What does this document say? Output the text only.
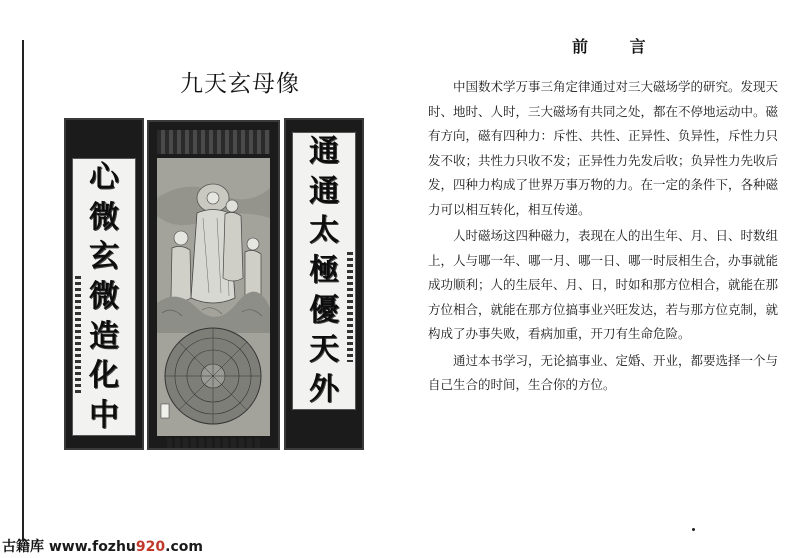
九天玄母像
心
微
玄
微
造
化
中
通
通
太
極
優
天
外
前 言

中国数术学万事三角定律通过对三大磁场学的研究。发现天时、地时、人时，三大磁场有共同之处，都在不停地运动中。磁有方向，磁有四种力：斥性、共性、正异性、负异性，斥性力只发不收；共性力只收不发；正异性力先发后收；负异性力先收后发，四种力构成了世界万事万物的力。在一定的条件下，各种磁力可以相互转化，相互传递。

人时磁场这四种磁力，表现在人的出生年、月、日、时数组上，人与哪一年、哪一月、哪一日、哪一时辰相生合，办事就能成功顺利；人的生辰年、月、日，时如和那方位相合，就能在那方位相合，就能在那方位搞事业兴旺发达，若与那方位克制，就构成了办事失败，看病加重，开刀有生命危险。

通过本书学习，无论搞事业、定婚、开业，都要选择一个与自己生合的时间，生合你的方位。

古籍库 www.fozhu920.com
